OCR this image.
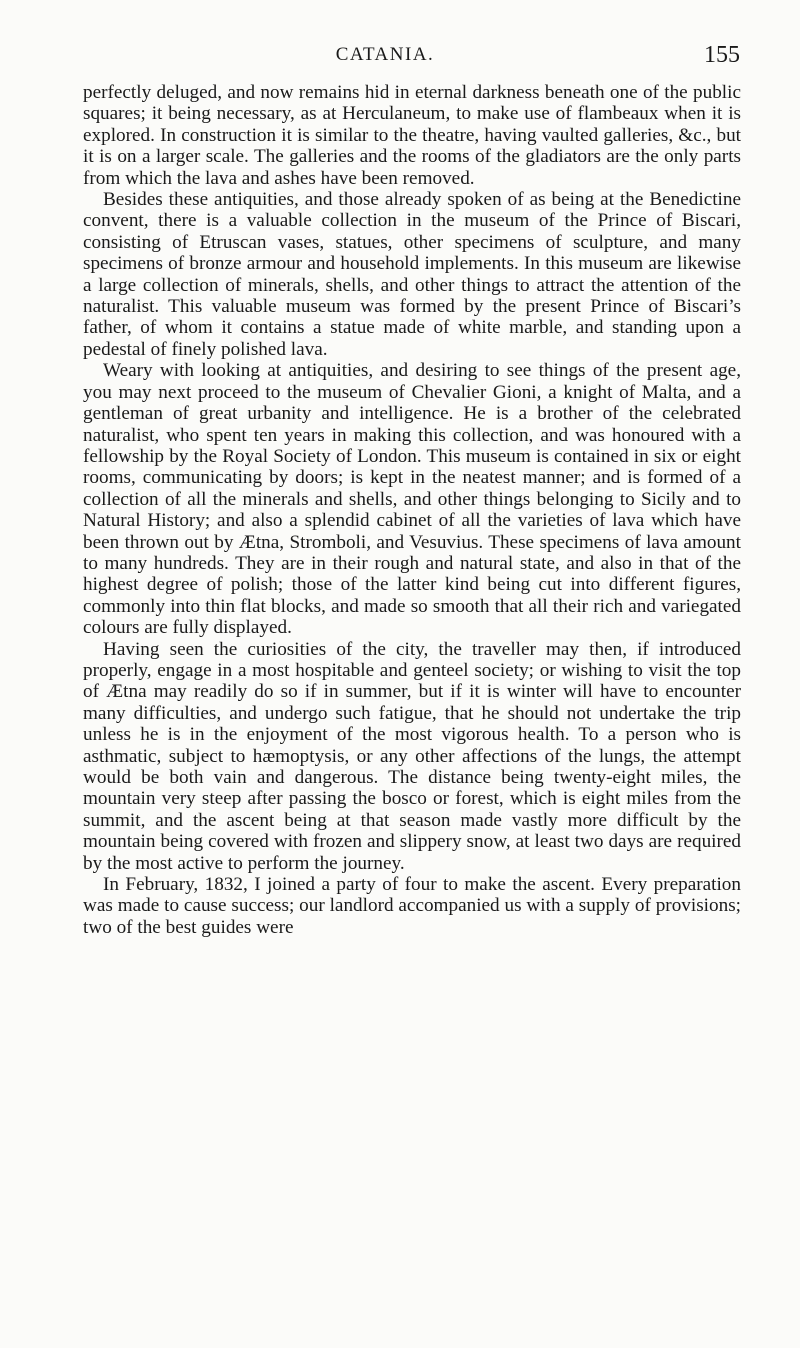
CATANIA.	155

perfectly deluged, and now remains hid in eternal darkness beneath one of the public squares; it being necessary, as at Herculaneum, to make use of flambeaux when it is explored. In construction it is similar to the theatre, having vaulted galleries, &c., but it is on a larger scale. The galleries and the rooms of the gladiators are the only parts from which the lava and ashes have been removed.

Besides these antiquities, and those already spoken of as being at the Benedictine convent, there is a valuable collection in the museum of the Prince of Biscari, consisting of Etruscan vases, statues, other specimens of sculpture, and many specimens of bronze armour and household implements. In this museum are likewise a large collection of minerals, shells, and other things to attract the attention of the naturalist. This valuable museum was formed by the present Prince of Biscari’s father, of whom it contains a statue made of white marble, and standing upon a pedestal of finely polished lava.

Weary with looking at antiquities, and desiring to see things of the present age, you may next proceed to the museum of Chevalier Gioni, a knight of Malta, and a gentleman of great urbanity and intelligence. He is a brother of the celebrated naturalist, who spent ten years in making this collection, and was honoured with a fellowship by the Royal Society of London. This museum is contained in six or eight rooms, communicating by doors; is kept in the neatest manner; and is formed of a collection of all the minerals and shells, and other things belonging to Sicily and to Natural History; and also a splendid cabinet of all the varieties of lava which have been thrown out by Ætna, Stromboli, and Vesuvius. These specimens of lava amount to many hundreds. They are in their rough and natural state, and also in that of the highest degree of polish; those of the latter kind being cut into different figures, commonly into thin flat blocks, and made so smooth that all their rich and variegated colours are fully displayed.

Having seen the curiosities of the city, the traveller may then, if introduced properly, engage in a most hospitable and genteel society; or wishing to visit the top of Ætna may readily do so if in summer, but if it is winter will have to encounter many difficulties, and undergo such fatigue, that he should not undertake the trip unless he is in the enjoyment of the most vigorous health. To a person who is asthmatic, subject to hæmoptysis, or any other affections of the lungs, the attempt would be both vain and dangerous. The distance being twenty-eight miles, the mountain very steep after passing the bosco or forest, which is eight miles from the summit, and the ascent being at that season made vastly more difficult by the mountain being covered with frozen and slippery snow, at least two days are required by the most active to perform the journey.

In February, 1832, I joined a party of four to make the ascent. Every preparation was made to cause success; our landlord accompanied us with a supply of provisions; two of the best guides were
